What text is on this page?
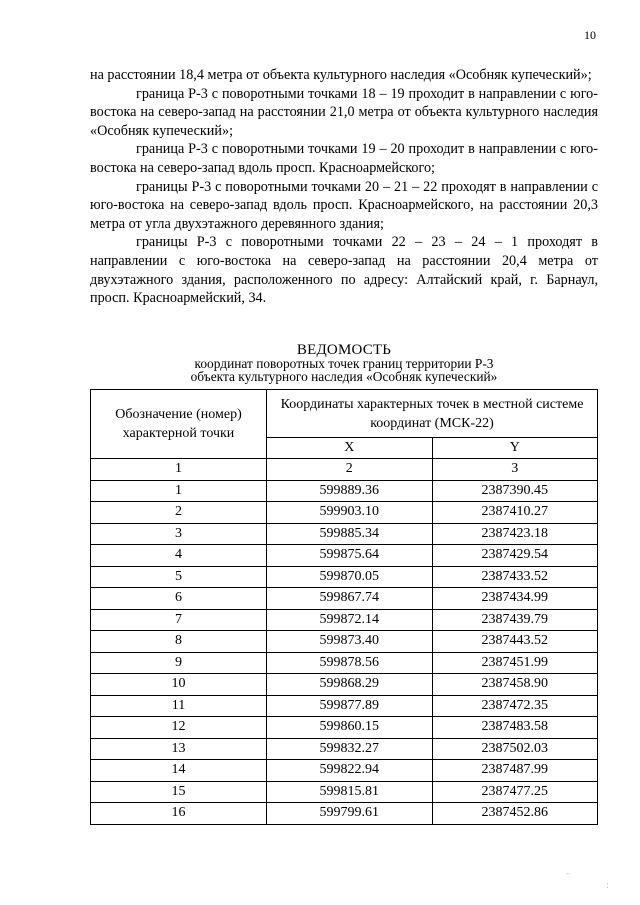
10

на расстоянии 18,4 метра от объекта культурного наследия «Особняк купеческий»;

граница Р-3 с поворотными точками 18 – 19 проходит в направлении с юго-востока на северо-запад на расстоянии 21,0 метра от объекта культурного наследия «Особняк купеческий»;

граница Р-3 с поворотными точками 19 – 20 проходит в направлении с юго-востока на северо-запад вдоль просп. Красноармейского;

границы Р-3 с поворотными точками 20 – 21 – 22 проходят в направлении с юго-востока на северо-запад вдоль просп. Красноармейского, на расстоянии 20,3 метра от угла двухэтажного деревянного здания;

границы Р-3 с поворотными точками 22 – 23 – 24 – 1 проходят в направлении с юго-востока на северо-запад на расстоянии 20,4 метра от двухэтажного здания, расположенного по адресу: Алтайский край, г. Барнаул, просп. Красноармейский, 34.

ВЕДОМОСТЬ
координат поворотных точек границ территории Р-3
объекта культурного наследия «Особняк купеческий»
Обозначение (номер) характерной точки	Координаты характерных точек в местной системе координат (МСК-22)	
	X	Y
1	2	3
1	599889.36	2387390.45
2	599903.10	2387410.27
3	599885.34	2387423.18
4	599875.64	2387429.54
5	599870.05	2387433.52
6	599867.74	2387434.99
7	599872.14	2387439.79
8	599873.40	2387443.52
9	599878.56	2387451.99
10	599868.29	2387458.90
11	599877.89	2387472.35
12	599860.15	2387483.58
13	599832.27	2387502.03
14	599822.94	2387487.99
15	599815.81	2387477.25
16	599799.61	2387452.86
ˉ
:
